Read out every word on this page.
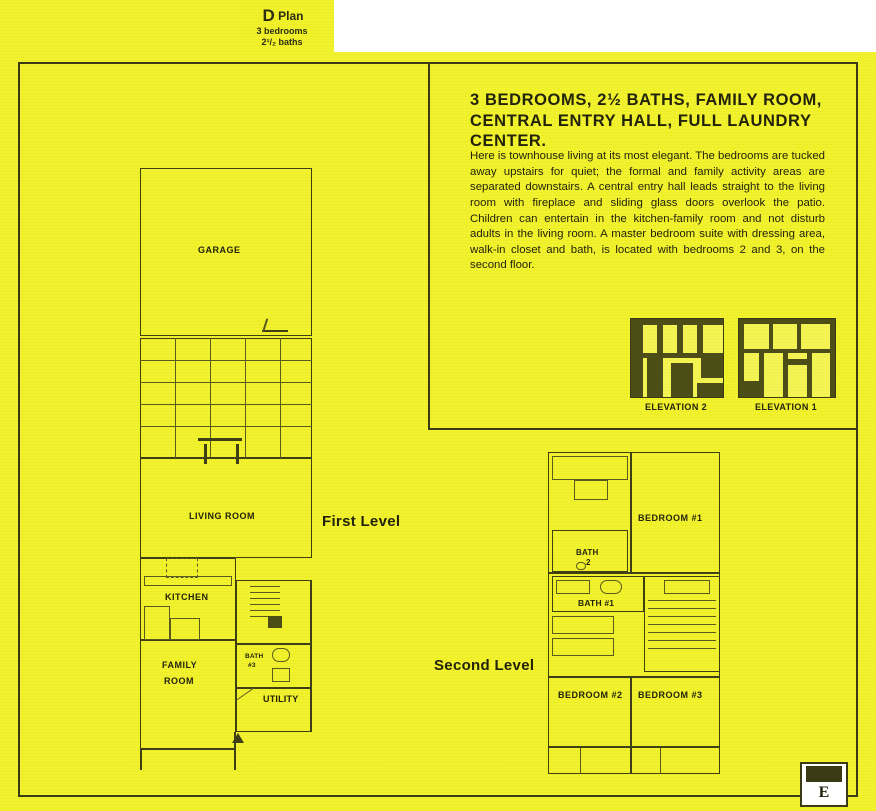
D Plan
3 bedrooms
2¹/₂ baths
3 BEDROOMS, 2½ BATHS, FAMILY ROOM, CENTRAL ENTRY HALL, FULL LAUNDRY CENTER.
Here is townhouse living at its most elegant. The bedrooms are tucked away upstairs for quiet; the formal and family activity areas are separated downstairs. A central entry hall leads straight to the living room with fireplace and sliding glass doors overlook the patio. Children can entertain in the kitchen-family room and not disturb adults in the living room. A master bedroom suite with dressing area, walk-in closet and bath, is located with bedrooms 2 and 3, on the second floor.
ELEVATION 2	ELEVATION 1
First Level
GARAGE
LIVING ROOM
KITCHEN
FAMILY
ROOM
BATH
#3
UTILITY
Second Level
BEDROOM #1
BATH
2
BATH #1
BEDROOM #2 BEDROOM #3
E
